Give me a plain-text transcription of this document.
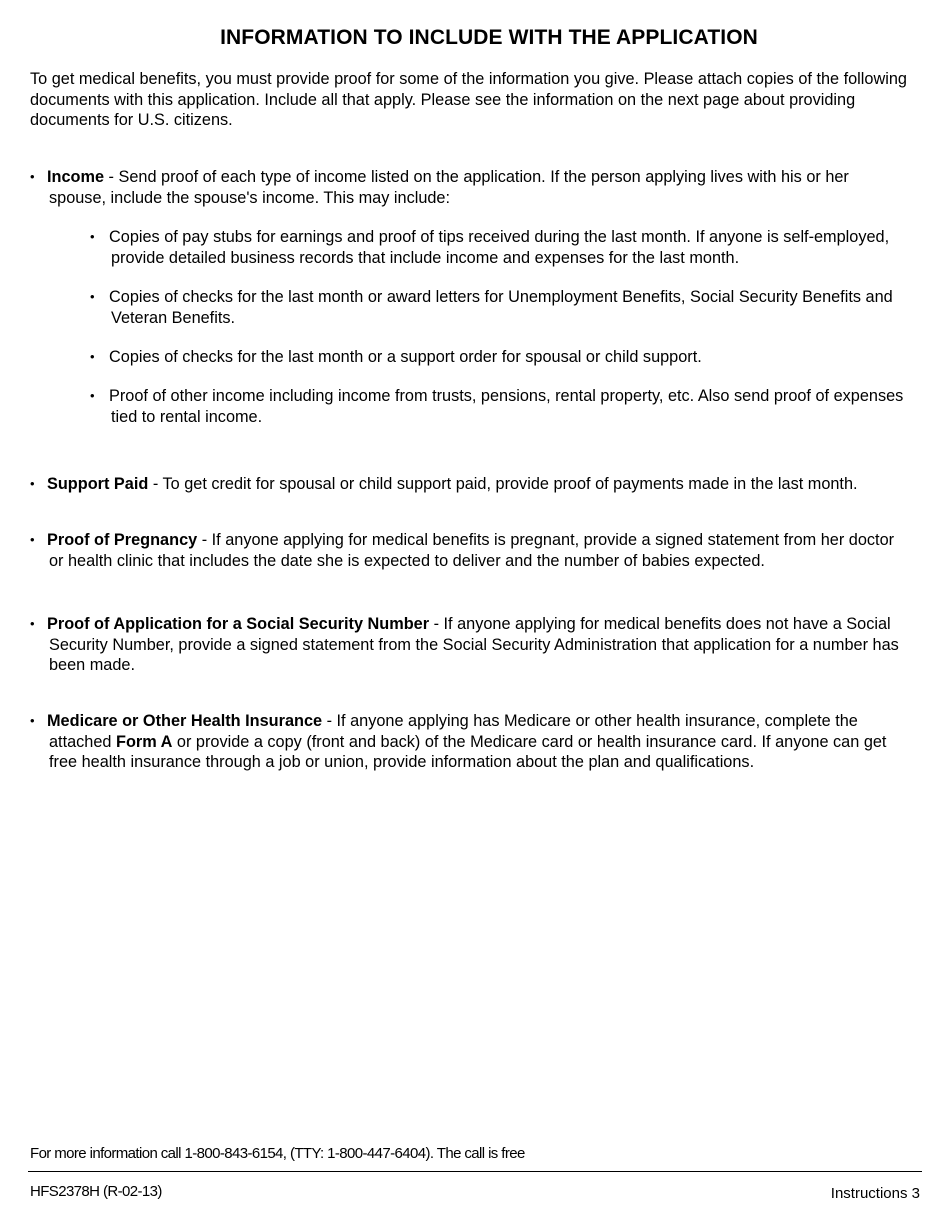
INFORMATION TO INCLUDE WITH THE APPLICATION
To get medical benefits, you must provide proof for some of the information you give. Please attach copies of the following documents with this application. Include all that apply. Please see the information on the next page about providing documents for U.S. citizens.
• Income - Send proof of each type of income listed on the application. If the person applying lives with his or her spouse, include the spouse's income. This may include:
• Copies of pay stubs for earnings and proof of tips received during the last month. If anyone is self-employed, provide detailed business records that include income and expenses for the last month.
• Copies of checks for the last month or award letters for Unemployment Benefits, Social Security Benefits and Veteran Benefits.
• Copies of checks for the last month or a support order for spousal or child support.
• Proof of other income including income from trusts, pensions, rental property, etc. Also send proof of expenses tied to rental income.
• Support Paid - To get credit for spousal or child support paid, provide proof of payments made in the last month.
• Proof of Pregnancy - If anyone applying for medical benefits is pregnant, provide a signed statement from her doctor or health clinic that includes the date she is expected to deliver and the number of babies expected.
• Proof of Application for a Social Security Number - If anyone applying for medical benefits does not have a Social Security Number, provide a signed statement from the Social Security Administration that application for a number has been made.
• Medicare or Other Health Insurance - If anyone applying has Medicare or other health insurance, complete the attached Form A or provide a copy (front and back) of the Medicare card or health insurance card. If anyone can get free health insurance through a job or union, provide information about the plan and qualifications.
For more information call 1-800-843-6154, (TTY: 1-800-447-6404). The call is free
HFS2378H (R-02-13)	Instructions 3
